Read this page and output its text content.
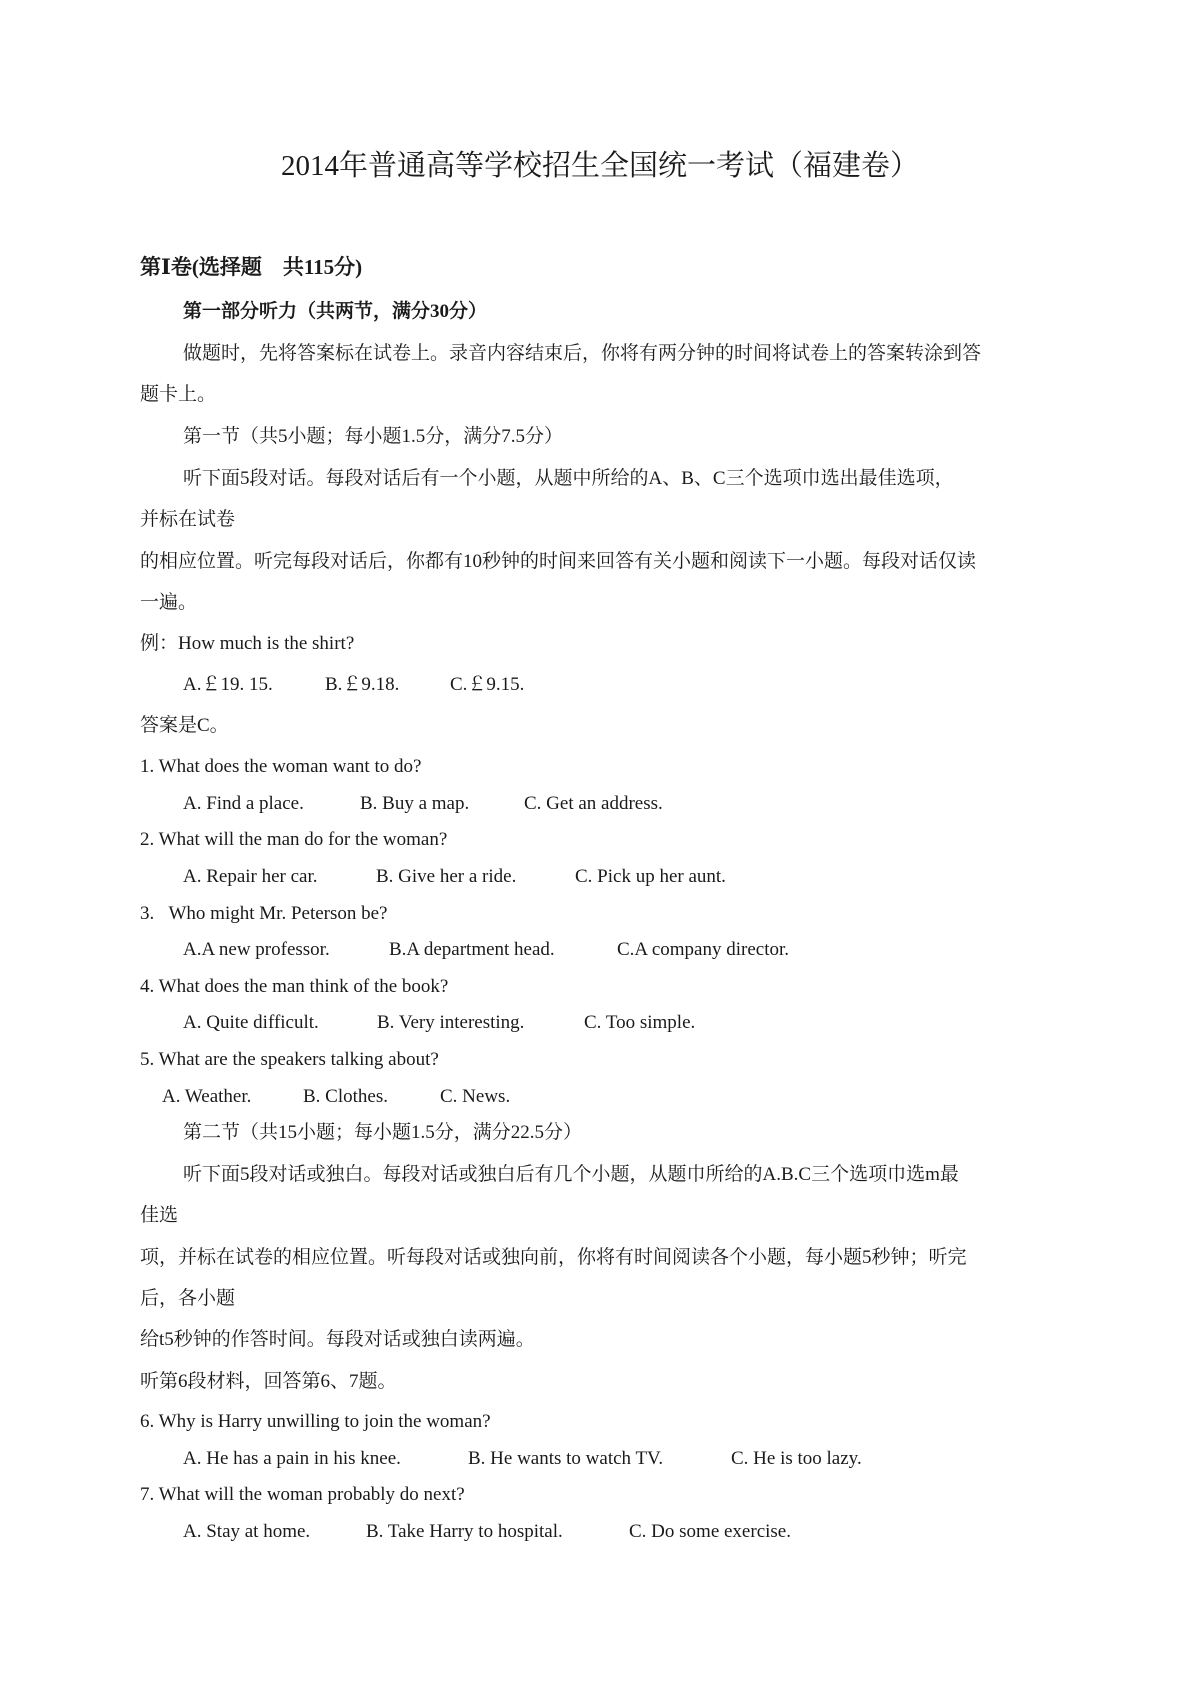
2014年普通高等学校招生全国统一考试（福建卷）
第Ⅰ卷(选择题　共115分)
第一部分听力（共两节，满分30分）
做题时，先将答案标在试卷上。录音内容结束后，你将有两分钟的时间将试卷上的答案转涂到答
题卡上。
第一节（共5小题；每小题1.5分，满分7.5分）
听下面5段对话。每段对话后有一个小题，从题中所给的A、B、C三个选项巾选出最佳选项，
并标在试卷
的相应位置。听完每段对话后，你都有10秒钟的时间来回答有关小题和阅读下一小题。每段对话仅读
一遍。
例：How much is the shirt?
A.￡19. 15.	B.￡9.18.	C.￡9.15.
答案是C。
1. What does the woman want to do?
A. Find a place.	B. Buy a map.	C. Get an address.
2. What will the man do for the woman?
A. Repair her car.	B. Give her a ride.	C. Pick up her aunt.
3.   Who might Mr. Peterson be?
A.A new professor.	B.A department head.	C.A company director.
4. What does the man think of the book?
A. Quite difficult.	B. Very interesting.	C. Too simple.
5. What are the speakers talking about?
A. Weather.	B. Clothes.	C. News.
第二节（共15小题；每小题1.5分，满分22.5分）
听下面5段对话或独白。每段对话或独白后有几个小题，从题巾所给的A.B.C三个选项巾选m最
佳选
项，并标在试卷的相应位置。听每段对话或独向前，你将有时间阅读各个小题，每小题5秒钟；听完
后，各小题
给t5秒钟的作答时间。每段对话或独白读两遍。
听第6段材料，回答第6、7题。
6. Why is Harry unwilling to join the woman?
A. He has a pain in his knee.	B. He wants to watch TV.	C. He is too lazy.
7. What will the woman probably do next?
A. Stay at home.	B. Take Harry to hospital.	C. Do some exercise.
